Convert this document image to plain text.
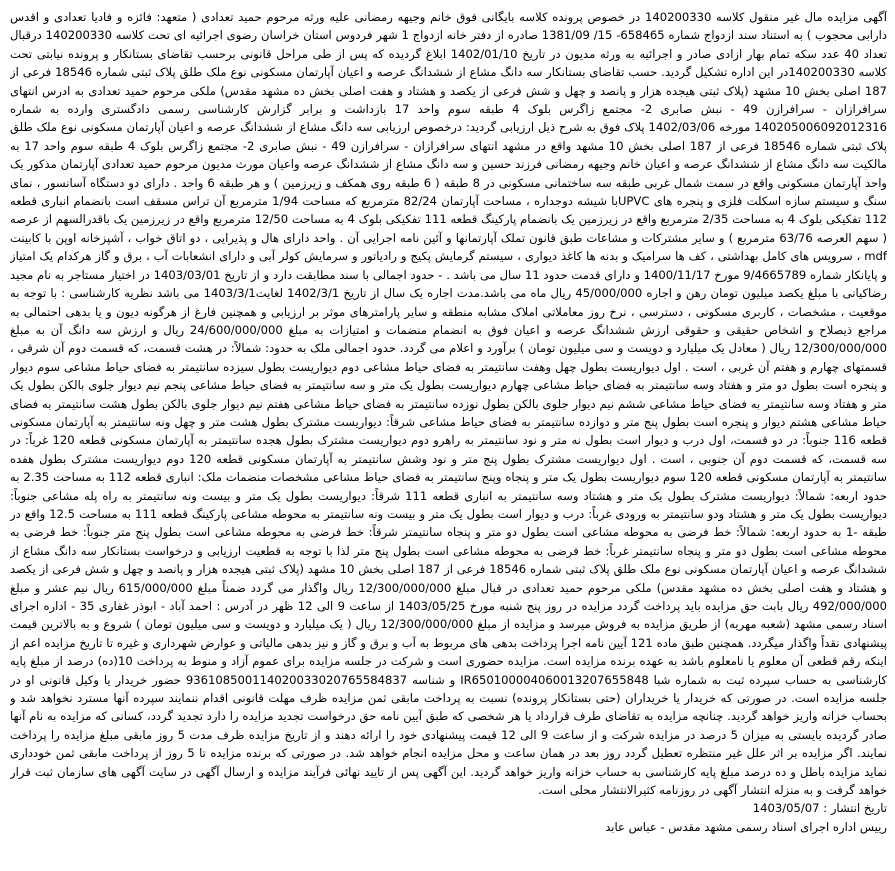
آگهی مزایده مال غیر منقول کلاسه 140200330 در خصوص پرونده کلاسه بایگانی فوق خانم وجیهه رمضانی علیه ورثه مرحوم حمید تعدادی ( متعهد: فائزه و فادیا تعدادی و اقدس دارابی محجوب ) به استناد سند ازدواج شماره 658465- 15/ 1381/09 صادره از دفتر خانه ازدواج 1 شهر فردوس استان خراسان رضوی اجرائیه ای تحت کلاسه 140200330 درقبال تعداد 40 عدد سکه تمام بهار ازادی صادر و اجرائیه به ورثه مدیون در تاریخ 1402/01/10 ابلاغ گردیده که پس از طی مراحل قانونی برحسب تقاضای بستانکار و پرونده نیابتی تحت کلاسه 140200330در این اداره تشکیل گردید. حسب تقاضای بستانکار سه دانگ مشاع از ششدانگ عرصه و اعیان آپارتمان مسکونی نوع ملک طلق پلاک ثبتی شماره 18546 فرعی از 187 اصلی بخش 10 مشهد (پلاک ثبتی هیجده هزار و پانصد و چهل و شش فرعی از یکصد و هشتاد و هفت اصلی بخش ده مشهد مقدس) ملکی مرحوم حمید تعدادی به ادرس انتهای سرافرازان - سرافرازن 49 - نبش صابری 2- مجتمع زاگرس بلوک 4 طبقه سوم واحد 17 بازداشت و برابر گزارش کارشناسی رسمی دادگستری وارده به شماره 140205006092012316 مورخه 1402/03/06 پلاک فوق به شرح ذیل ارزیابی گردید: درخصوص ارزیابی سه دانگ مشاع از ششدانگ عرصه و اعیان آپارتمان مسکونی نوع ملک طلق پلاک ثبتی شماره 18546 فرعی از 187 اصلی بخش 10 مشهد واقع در مشهد انتهای سرافرازان - سرافرازن 49 - نبش صابری 2- مجتمع زاگرس بلوک 4 طبقه سوم واحد 17 به مالکیت سه دانگ مشاع از ششدانگ عرصه و اعیان خانم وجیهه رمضانی فرزند حسین و سه دانگ مشاع از ششدانگ عرصه واعیان مورث مدیون مرحوم حمید تعدادی آپارتمان مذکور یک واحد آپارتمان مسکونی واقع در سمت شمال غربی طبقه سه ساختمانی مسکونی در 8 طبقه ( 6 طبقه روی همکف و زیرزمین ) و هر طبقه 6 واحد . دارای دو دستگاه آسانسور ، نمای سنگ و سیستم سازه اسکلت فلزی و پنجره های UPVCبا شیشه دوجداره ، مساحت آپارتمان 82/24 مترمربع که مساحت 1/94 مترمربع آن تراس مسقف است بانضمام انباری قطعه 112 تفکیکی بلوک 4 به مساحت 2/35 مترمربع واقع در زیرزمین یک بانضمام پارکینگ قطعه 111 تفکیکی بلوک 4 به مساحت 12/50 مترمربع واقع در زیرزمین یک باقدرالسهم از عرصه ( سهم العرصه 63/76 مترمربع ) و سایر مشترکات و مشاعات طبق قانون تملک آپارتمانها و آئین نامه اجرایی آن . واحد دارای هال و پذیرایی ، دو اتاق خواب ، آشپزخانه اوپن با کابینت mdf ، سرویس های کامل بهداشتی ، کف ها سرامیک و بدنه ها کاغذ دیواری ، سیستم گرمایش پکیج و رادیاتور و سرمایش کولر آبی و دارای انشعابات آب ، برق و گاز هرکدام یک امتیاز و پایانکار شماره 9/4665789 مورخ 1400/11/17 و دارای قدمت حدود 11 سال می باشد . - حدود اجمالی با سند مطابقت دارد و از تاریخ 1403/03/01 در اختیار مستاجر به نام مجید رضاکیانی با مبلغ یکصد میلیون تومان رهن و اجاره 45/000/000 ریال ماه می باشد.مدت اجاره یک سال از تاریخ 1402/3/1 لغایت1403/3/1 می باشد نظریه کارشناسی : با توجه به موقعیت ، مشخصات ، کاربری مسکونی ، دسترسی ، نرخ روز معاملاتی املاک مشابه منطقه و سایر پارامترهای موثر بر ارزیابی و همچنین فارغ از هرگونه دیون و یا بدهی احتمالی به مراجع ذیصلاح و اشخاص حقیقی و حقوقی ارزش ششدانگ عرصه و اعیان فوق به انضمام منضمات و امتیازات به مبلغ 24/600/000/000 ریال و ارزش سه دانگ آن به مبلغ 12/300/000/000 ریال ( معادل یک میلیارد و دویست و سی میلیون تومان ) برآورد و اعلام می گردد. حدود اجمالی ملک به حدود: شمالاً: در هشت قسمت، که قسمت دوم آن شرقی ، قسمتهای چهارم و هفتم آن غربی ، است . اول دیواریست بطول چهل وهفت سانتیمتر به فضای حیاط مشاعی دوم دیواریست بطول سیزده سانتیمتر به فضای حیاط مشاعی سوم دیوار و پنجره است بطول دو متر و هفتاد وسه سانتیمتر به فضای حیاط مشاعی چهارم دیواریست بطول یک متر و سه سانتیمتر به فضای حیاط مشاعی پنجم نیم دیوار جلوی بالکن بطول یک متر و هفتاد وسه سانتیمتر به فضای حیاط مشاعی ششم نیم دیوار جلوی بالکن بطول نوزده سانتیمتر به فضای حیاط مشاعی هفتم نیم دیوار جلوی بالکن بطول هشت سانتیمتر به فضای حیاط مشاعی هشتم دیوار و پنجره است بطول پنج متر و دوازده سانتیمتر به فضای حیاط مشاعی شرقاً: دیواریست مشترک بطول هشت متر و چهل ونه سانتیمتر به آپارتمان مسکونی قطعه 116 جنوباً: در دو قسمت، اول درب و دیوار است بطول نه متر و نود سانتیمتر به راهرو دوم دیواریست مشترک بطول هجده سانتیمتر به آپارتمان مسکونی قطعه 120 غرباً: در سه قسمت، که قسمت دوم آن جنوبی ، است . اول دیواریست مشترک بطول پنج متر و نود وشش سانتیمتر به آپارتمان مسکونی قطعه 120 دوم دیواریست مشترک بطول هفده سانتیمتر به آپارتمان مسکونی قطعه 120 سوم دیواریست بطول یک متر و پنجاه وپنج سانتیمتر به فضای حیاط مشاعی مشخصات منضمات ملک: انباری قطعه 112 به مساحت 2.35 به حدود اربعه: شمالاً: دیواریست مشترک بطول یک متر و هشتاد وسه سانتیمتر به انباری قطعه 111 شرقاً: دیواریست بطول یک متر و بیست ونه سانتیمتر به راه پله مشاعی جنوباً: دیواریست بطول یک متر و هشتاد ودو سانتیمتر به ورودی غرباً: درب و دیوار است بطول یک متر و بیست ونه سانتیمتر به محوطه مشاعی پارکینگ قطعه 111 به مساحت 12.5 واقع در طبقه -1 به حدود اربعه: شمالاً: خط فرضی به محوطه مشاعی است بطول دو متر و پنجاه سانتیمتر شرقاً: خط فرضی به محوطه مشاعی است بطول پنج متر جنوباً: خط فرضی به محوطه مشاعی است بطول دو متر و پنجاه سانتیمتر غرباً: خط فرضی به محوطه مشاعی است بطول پنج متر لذا با توجه به قطعیت ارزیابی و درخواست بستانکار سه دانگ مشاع از ششدانگ عرصه و اعیان آپارتمان مسکونی نوع ملک طلق پلاک ثبتی شماره 18546 فرعی از 187 اصلی بخش 10 مشهد (پلاک ثبتی هیجده هزار و پانصد و چهل و شش فرعی از یکصد و هشتاد و هفت اصلی بخش ده مشهد مقدس) ملکی مرحوم حمید تعدادی در قبال مبلغ 12/300/000/000 ریال واگذار می گردد ضمناً مبلغ 615/000/000 ریال نیم عشر و مبلغ 492/000/000 ریال بابت حق مزایده باید پرداخت گردد مزایده در روز پنج شنبه مورخ 1403/05/25 از ساعت 9 الی 12 ظهر در آدرس : احمد آباد - ابوذر غفاری 35 - اداره اجرای اسناد رسمی مشهد (شعبه مهریه) از طریق مزایده به فروش میرسد و مزایده از مبلغ 12/300/000/000 ریال ( یک میلیارد و دویست و سی میلیون تومان ) شروع و به بالاترین قیمت پیشنهادی نقداً واگذار میگردد. همچنین طبق ماده 121 آیین نامه اجرا پرداخت بدهی های مربوط به آب و برق و گاز و نیز بدهی مالیاتی و عوارض شهرداری و غیره تا تاریخ مزایده اعم از اینکه رقم قطعی آن معلوم یا نامعلوم باشد به عهده برنده مزایده است. مزایده حضوری است و شرکت در جلسه مزایده برای عموم آزاد و منوط به پرداخت 10(ده) درصد از مبلغ پایه کارشناسی به حساب سپرده ثبت به شماره شبا IR650100004060013207655848 و شناسه 936108500114020033020765584837 حضور خریدار یا وکیل قانونی او در جلسه مزایده است. در صورتی که خریدار یا خریداران (حتی بستانکار پرونده) نسبت به پرداخت مابقی ثمن مزایده ظرف مهلت قانونی اقدام ننمایند سپرده آنها مسترد نخواهد شد و بحساب خزانه واریز خواهد گردید. چنانچه مزایده به تقاضای طرف قرارداد یا هر شخصی که طبق آیین نامه حق درخواست تجدید مزایده را دارد تجدید گردد، کسانی که مزایده به نام آنها صادر گردیده بایستی به میزان 5 درصد در مزایده شرکت و از ساعت 9 الی 12 قیمت پیشنهادی خود را ارائه دهند و از تاریخ مزایده ظرف مدت 5 روز مابقی مبلغ مزایده را پرداخت نمایند. اگر مزایده بر اثر علل غیر منتظره تعطیل گردد روز بعد در همان ساعت و محل مزایده انجام خواهد شد. در صورتی که برنده مزایده تا 5 روز از پرداخت مابقی ثمن خودداری نماید مزایده باطل و ده درصد مبلغ پایه کارشناسی به حساب خزانه واریز خواهد گردید. این آگهی پس از تایید نهائی فرآیند مزایده و ارسال آگهی در سایت آگهی های سازمان ثبت قرار خواهد گرفت و به منزله انتشار آگهی در روزنامه کثیرالانتشار محلی است.

تاریخ انتشار : 1403/05/07

رییس اداره اجرای اسناد رسمی مشهد مقدس - عباس عابد
